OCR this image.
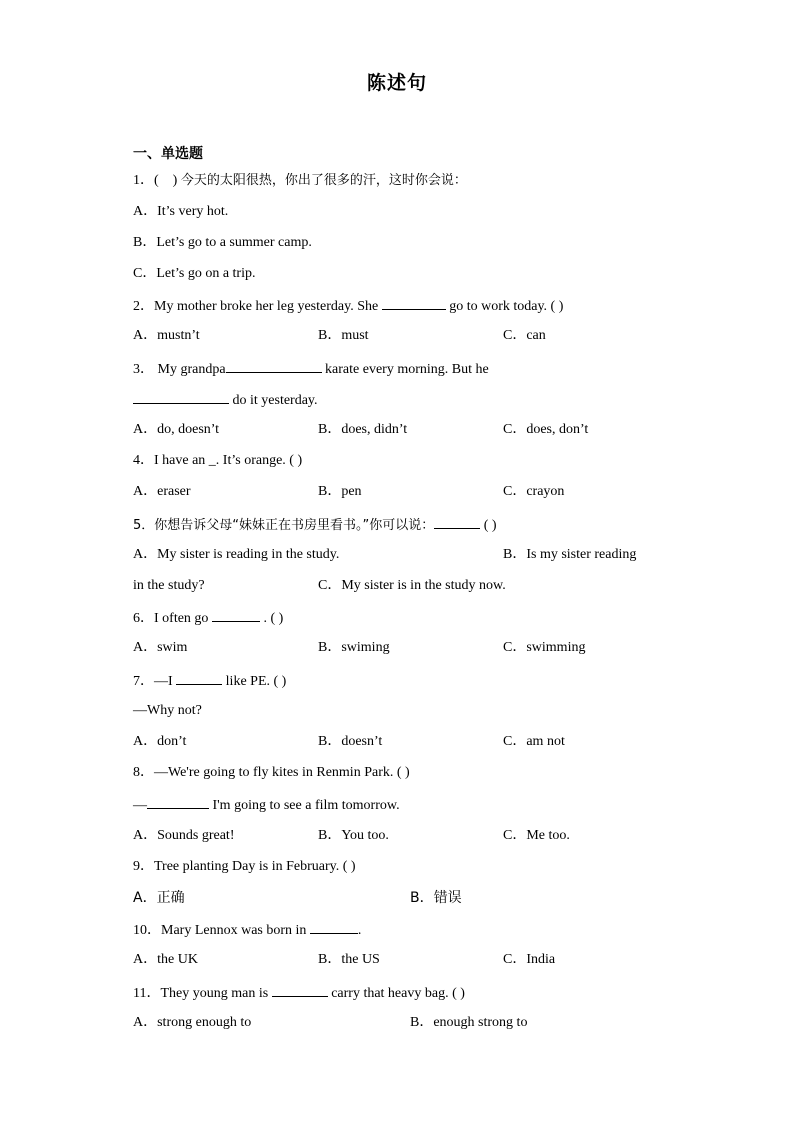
陈述句
一、单选题
1．( ) 今天的太阳很热，你出了很多的汗，这时你会说：
A．It’s very hot.
B．Let’s go to a summer camp.
C．Let’s go on a trip.
2．My mother broke her leg yesterday. She	go to work today. ( )
A．mustn’t	B．must	C．can
3． My grandpa	karate every morning. But he
do it yesterday.
A．do, doesn’t	B．does, didn’t	C．does, don’t
4．I have an _. It’s orange. ( )
A．eraser	B．pen	C．crayon
5．你想告诉父母“妹妹正在书房里看书。”你可以说：	( )
A．My sister is reading in the study.	B．Is my sister reading
in the study?	C．My sister is in the study now.
6．I often go	. ( )
A．swim	B．swiming	C．swimming
7．—I	like PE. ( )
—Why not?
A．don’t	B．doesn’t	C．am not
8．—We're going to fly kites in Renmin Park. ( )
—	I'm going to see a film tomorrow.
A．Sounds great!	B．You too.	C．Me too.
9．Tree planting Day is in February. ( )
A．正确	B．错误
10．Mary Lennox was born in	.
A．the UK	B．the US	C．India
11．They young man is	carry that heavy bag. ( )
A．strong enough to	B．enough strong to
